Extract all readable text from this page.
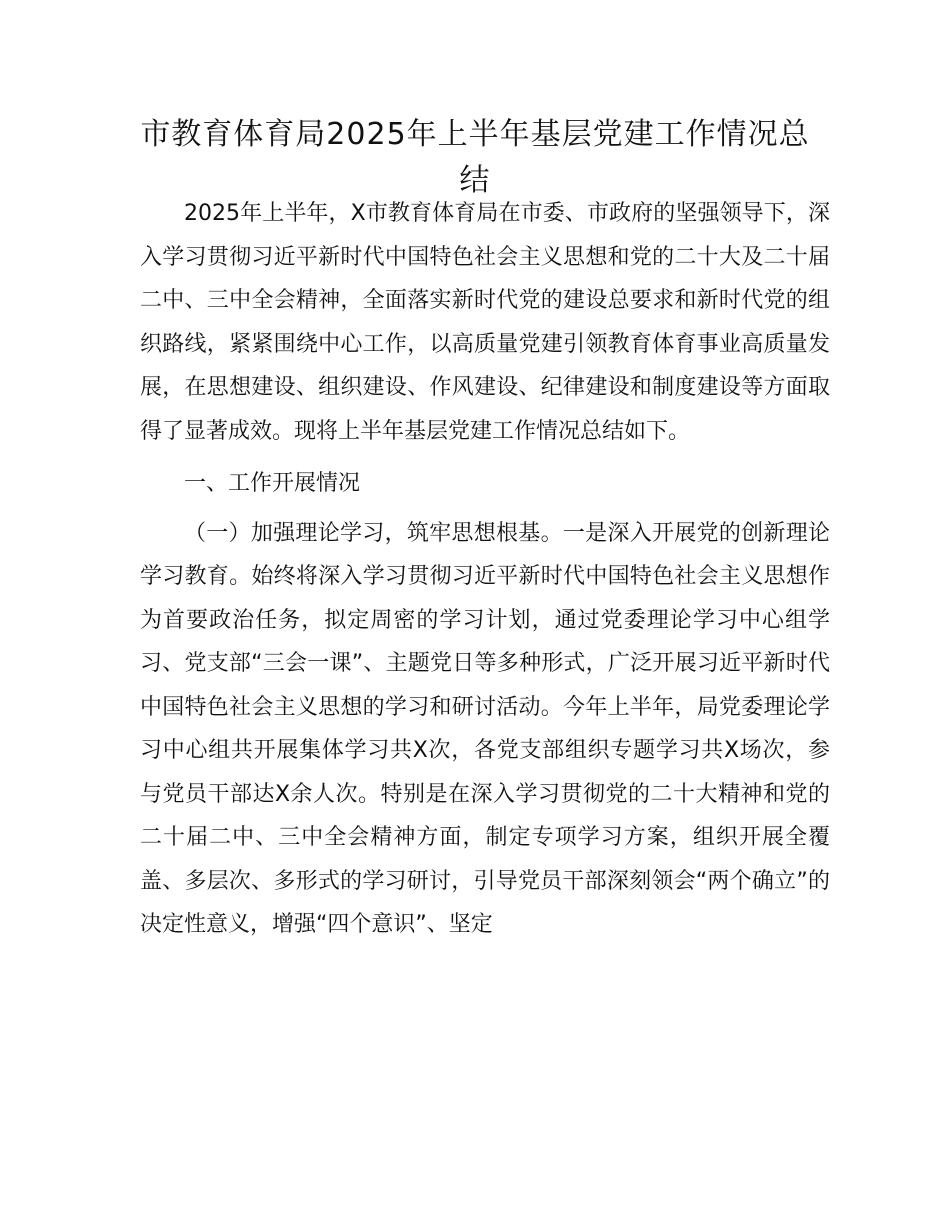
市教育体育局2025年上半年基层党建工作情况总结

2025年上半年，X市教育体育局在市委、市政府的坚强领导下，深入学习贯彻习近平新时代中国特色社会主义思想和党的二十大及二十届二中、三中全会精神，全面落实新时代党的建设总要求和新时代党的组织路线，紧紧围绕中心工作，以高质量党建引领教育体育事业高质量发展，在思想建设、组织建设、作风建设、纪律建设和制度建设等方面取得了显著成效。现将上半年基层党建工作情况总结如下。

一、工作开展情况

（一）加强理论学习，筑牢思想根基。一是深入开展党的创新理论学习教育。始终将深入学习贯彻习近平新时代中国特色社会主义思想作为首要政治任务，拟定周密的学习计划，通过党委理论学习中心组学习、党支部“三会一课”、主题党日等多种形式，广泛开展习近平新时代中国特色社会主义思想的学习和研讨活动。今年上半年，局党委理论学习中心组共开展集体学习共X次，各党支部组织专题学习共X场次，参与党员干部达X余人次。特别是在深入学习贯彻党的二十大精神和党的二十届二中、三中全会精神方面，制定专项学习方案，组织开展全覆盖、多层次、多形式的学习研讨，引导党员干部深刻领会“两个确立”的决定性意义，增强“四个意识”、坚定
